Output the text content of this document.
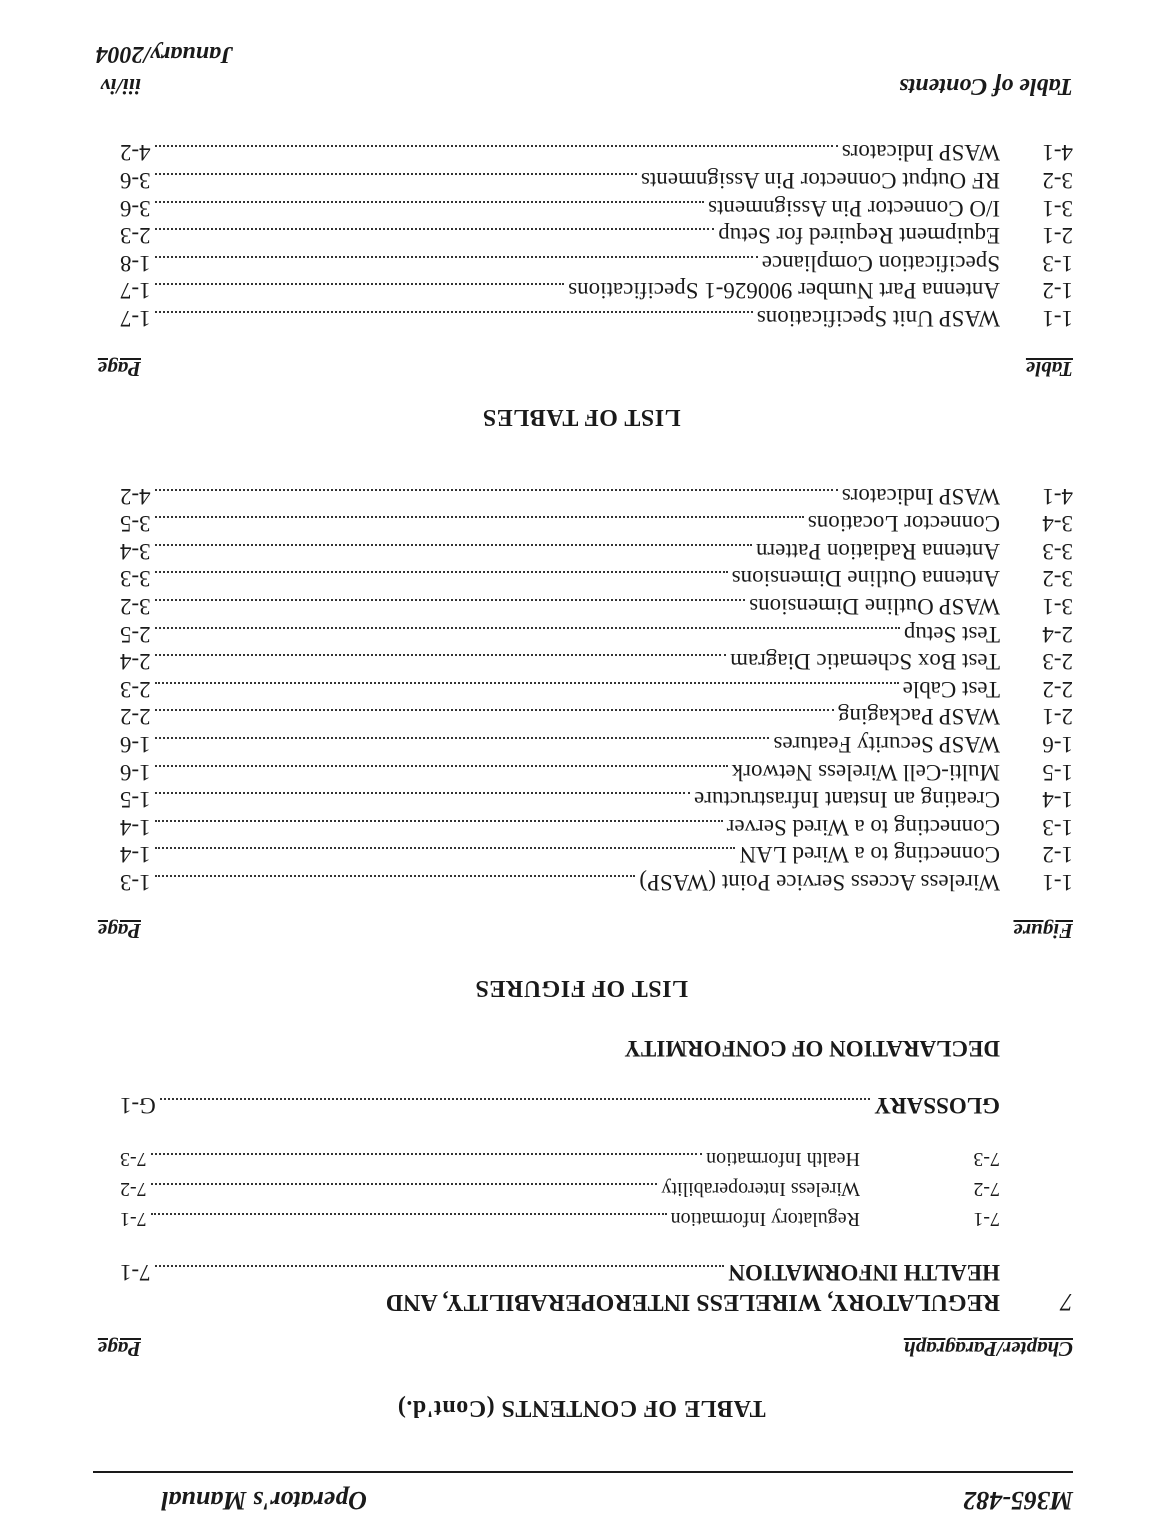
M365-482
Operator's Manual
TABLE OF CONTENTS (Cont'd.)
Chapter/Paragraph
Page
7
REGULATORY, WIRELESS INTEROPERABILITY, AND
HEALTH INFORMATION
7-1
7-1
Regulatory Information
7-1
7-2
Wireless Interoperability
7-2
7-3
Health Information
7-3
GLOSSARY
G-1
DECLARATION OF CONFORMITY
LIST OF FIGURES
Figure
Page
1-1
Wireless Access Service Point (WASP)
1-3
1-2
Connecting to a Wired LAN
1-4
1-3
Connecting to a Wired Server
1-4
1-4
Creating an Instant Infrastructure
1-5
1-5
Multi-Cell Wireless Network
1-6
1-6
WASP Security Features
1-6
2-1
WASP Packaging
2-2
2-2
Test Cable
2-3
2-3
Test Box Schematic Diagram
2-4
2-4
Test Setup
2-5
3-1
WASP Outline Dimensions
3-2
3-2
Antenna Outline Dimensions
3-3
3-3
Antenna Radiation Pattern
3-4
3-4
Connector Locations
3-5
4-1
WASP Indicators
4-2
LIST OF TABLES
Table
Page
1-1
WASP Unit Specifications
1-7
1-2
Antenna Part Number 900626-1 Specifications
1-7
1-3
Specification Compliance
1-8
2-1
Equipment Required for Setup
2-3
3-1
I/O Connector Pin Assignments
3-6
3-2
RF Output Connector Pin Assignments
3-6
4-1
WASP Indicators
4-2
Table of Contents
iii/iv
January/2004
